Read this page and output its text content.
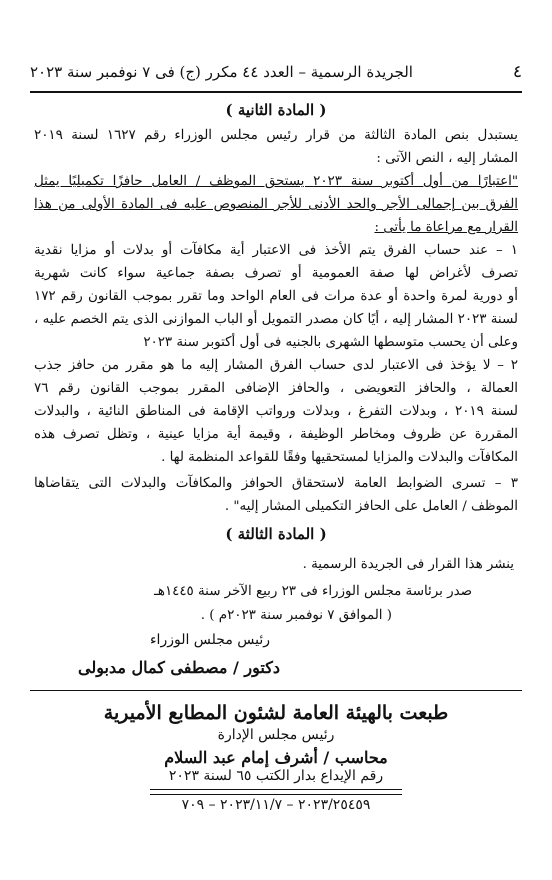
٤
الجريدة الرسمية – العدد ٤٤ مكرر (ج) فى ٧ نوفمبر سنة ٢٠٢٣
( المادة الثانية )
يستبدل بنص المادة الثالثة من قرار رئيس مجلس الوزراء رقم ١٦٢٧ لسنة ٢٠١٩
المشار إليه ، النص الآتى :
"اعتبارًا من أول أكتوبر سنة ٢٠٢٣ يستحق الموظف / العامل حافزًا تكميليًا يمثل
الفرق بين إجمالى الأجر والحد الأدنى للأجر المنصوص عليه فى المادة الأولى من هذا
القرار مع مراعاة ما يأتى :
١ – عند حساب الفرق يتم الأخذ فى الاعتبار أية مكافآت أو بدلات أو مزايا نقدية
تصرف لأغراض لها صفة العمومية أو تصرف بصفة جماعية سواء كانت شهرية
أو دورية لمرة واحدة أو عدة مرات فى العام الواحد وما تقرر بموجب القانون رقم ١٧٢
لسنة ٢٠٢٣ المشار إليه ، أيًا كان مصدر التمويل أو الباب الموازنى الذى يتم الخصم عليه ،
وعلى أن يحسب متوسطها الشهرى بالجنيه فى أول أكتوبر سنة ٢٠٢٣
٢ – لا يؤخذ فى الاعتبار لدى حساب الفرق المشار إليه ما هو مقرر من حافز جذب
العمالة ، والحافز التعويضى ، والحافز الإضافى المقرر بموجب القانون رقم ٧٦
لسنة ٢٠١٩ ، وبدلات التفرغ ، وبدلات ورواتب الإقامة فى المناطق النائية ، والبدلات
المقررة عن ظروف ومخاطر الوظيفة ، وقيمة أية مزايا عينية ، وتظل تصرف هذه
المكافآت والبدلات والمزايا لمستحقيها وفقًا للقواعد المنظمة لها .
٣ – تسرى الضوابط العامة لاستحقاق الحوافز والمكافآت والبدلات التى يتقاضاها
الموظف / العامل على الحافز التكميلى المشار إليه" .
( المادة الثالثة )
ينشر هذا القرار فى الجريدة الرسمية .
صدر برئاسة مجلس الوزراء فى ٢٣ ربيع الآخر سنة ١٤٤٥هـ
( الموافق ٧ نوفمبر سنة ٢٠٢٣م ) .
رئيس مجلس الوزراء
دكتور / مصطفى كمال مدبولى
طبعت بالهيئة العامة لشئون المطابع الأميرية
رئيس مجلس الإدارة
محاسب / أشرف إمام عبد السلام
رقم الإيداع بدار الكتب ٦٥ لسنة ٢٠٢٣
٢٠٢٣/٢٥٤٥٩ – ٢٠٢٣/١١/٧ – ٧٠٩
